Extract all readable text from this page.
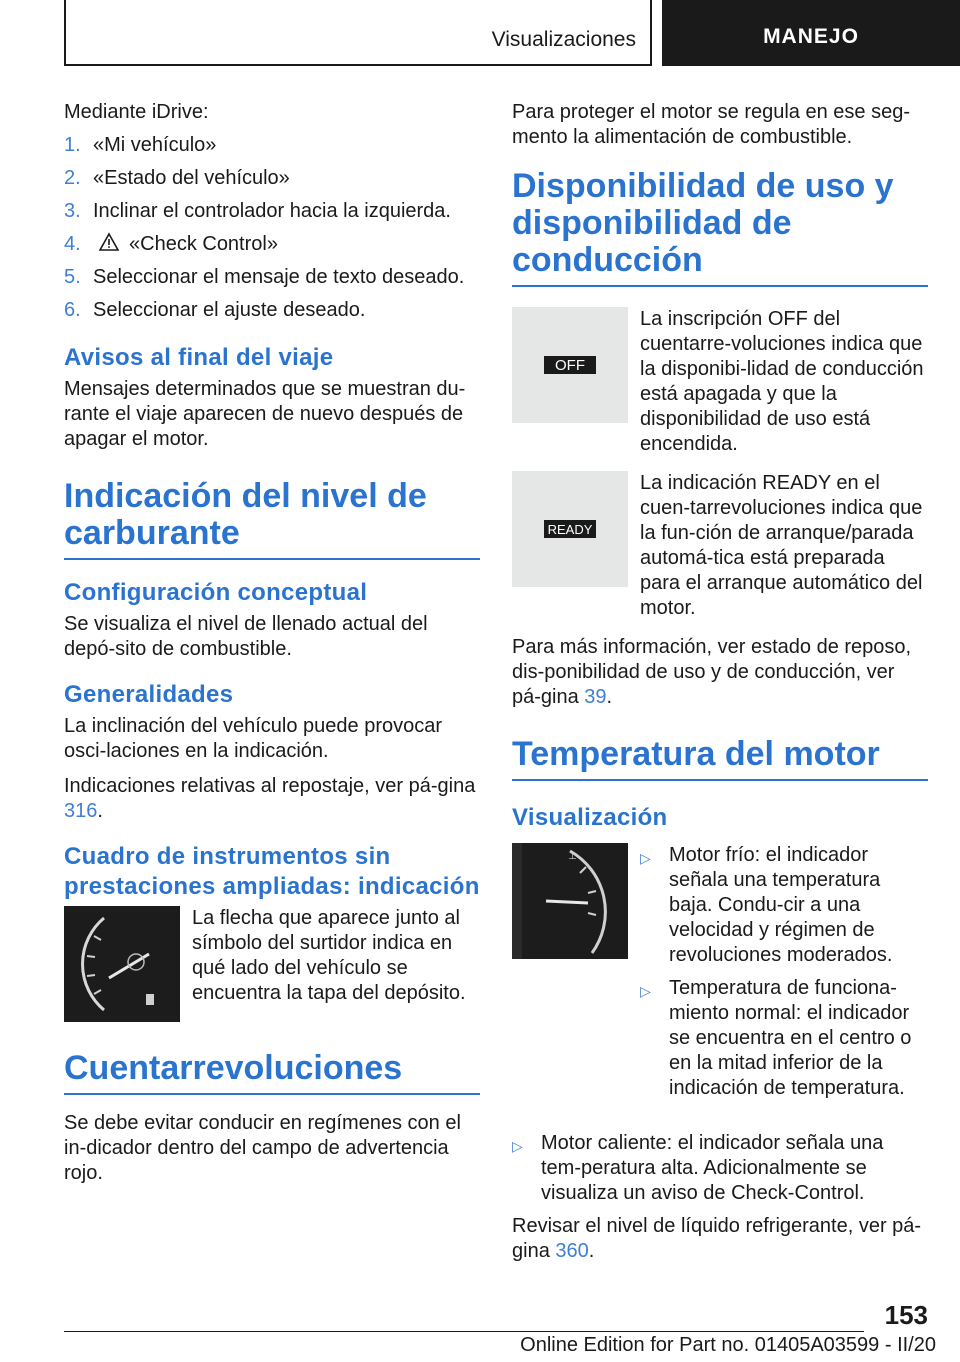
Visualizaciones	MANEJO

Mediante iDrive:

1. «Mi vehículo»
2. «Estado del vehículo»
3. Inclinar el controlador hacia la izquierda.
4.	«Check Control»
5. Seleccionar el mensaje de texto deseado.
6. Seleccionar el ajuste deseado.
Avisos al final del viaje

Mensajes determinados que se muestran du-rante el viaje aparecen de nuevo después de apagar el motor.

Indicación del nivel de carburante
Configuración conceptual

Se visualiza el nivel de llenado actual del depó-sito de combustible.

Generalidades

La inclinación del vehículo puede provocar osci-laciones en la indicación.

Indicaciones relativas al repostaje, ver pá-gina 316.

Cuadro de instrumentos sin prestaciones ampliadas: indicación

La flecha que aparece junto al símbolo del surtidor indica en qué lado del vehículo se encuentra la tapa del depósito.

Cuentarrevoluciones

Se debe evitar conducir en regímenes con el in-dicador dentro del campo de advertencia rojo.

Para proteger el motor se regula en ese seg-mento la alimentación de combustible.

Disponibilidad de uso y disponibilidad de conducción
OFF

La inscripción OFF del cuentarre-voluciones indica que la disponibi-lidad de conducción está apagada y que la disponibilidad de uso está encendida.

READY

La indicación READY en el cuen-tarrevoluciones indica que la fun-ción de arranque/parada automá-tica está preparada para el arranque automático del motor.

Para más información, ver estado de reposo, dis-ponibilidad de uso y de conducción, ver pá-gina 39.

Temperatura del motor
Visualización
⊥	▷ Motor frío: el indicador señala una temperatura baja. Condu-cir a una velocidad y régimen de revoluciones moderados.
▷ Temperatura de funciona-miento normal: el indicador se encuentra en el centro o en la mitad inferior de la indicación de temperatura.
▷ Motor caliente: el indicador señala una tem-peratura alta. Adicionalmente se visualiza un aviso de Check-Control.

Revisar el nivel de líquido refrigerante, ver pá-gina 360.

153
Online Edition for Part no. 01405A03599 - II/20
